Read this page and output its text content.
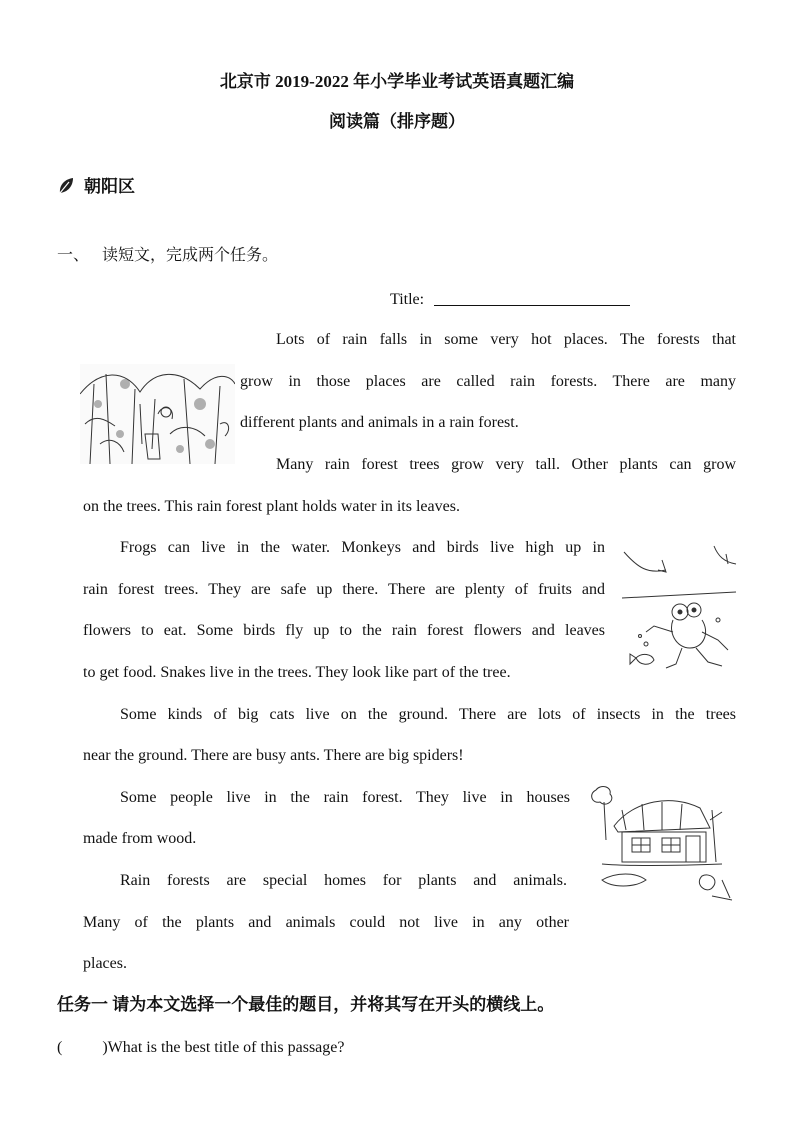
北京市 2019-2022 年小学毕业考试英语真题汇编
阅读篇（排序题）
朝阳区
一、 读短文，完成两个任务。
Title:
Lots of rain falls in some very hot places. The forests that
grow in those places are called rain forests. There are many
different plants and animals in a rain forest.
Many rain forest trees grow very tall. Other plants can grow
on the trees. This rain forest plant holds water in its leaves.
Frogs can live in the water. Monkeys and birds live high up in
rain forest trees. They are safe up there. There are plenty of fruits and
flowers to eat. Some birds fly up to the rain forest flowers and leaves
to get food. Snakes live in the trees. They look like part of the tree.
Some kinds of big cats live on the ground. There are lots of insects in the trees
near the ground. There are busy ants. There are big spiders!
Some people live in the rain forest. They live in houses
made from wood.
Rain forests are special homes for plants and animals.
Many of the plants and animals could not live in any other
places.
任务一 请为本文选择一个最佳的题目，并将其写在开头的横线上。
(	)What is the best title of this passage?
